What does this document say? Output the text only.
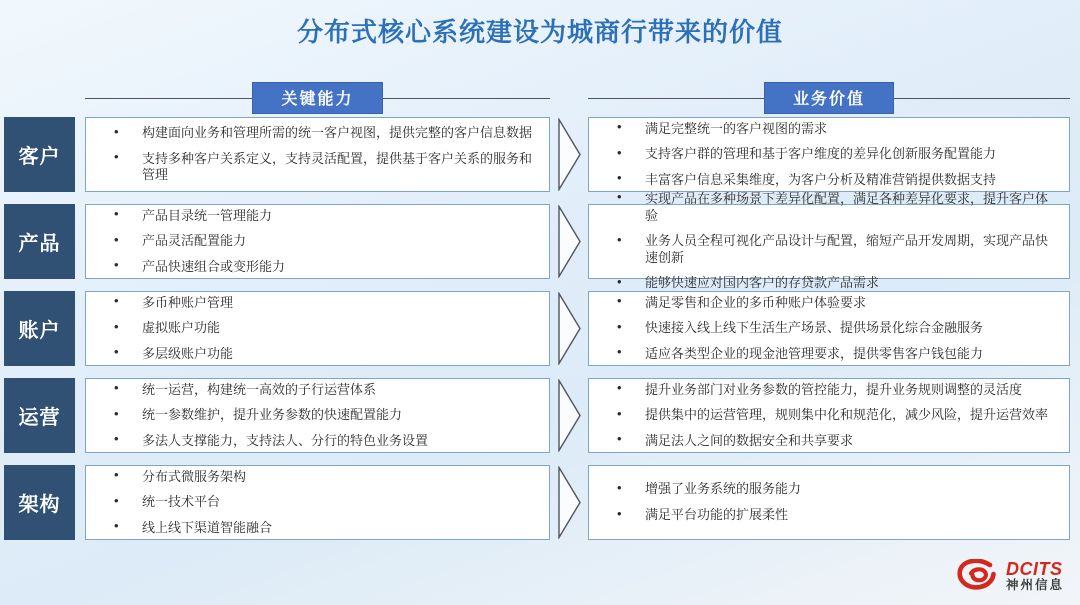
分布式核心系统建设为城商行带来的价值
关键能力	业务价值
客户
• 构建面向业务和管理所需的统一客户视图，提供完整的客户信息数据
• 支持多种客户关系定义，支持灵活配置，提供基于客户关系的服务和管理
• 满足完整统一的客户视图的需求
• 支持客户群的管理和基于客户维度的差异化创新服务配置能力
• 丰富客户信息采集维度，为客户分析及精准营销提供数据支持
产品
• 产品目录统一管理能力
• 产品灵活配置能力
• 产品快速组合或变形能力
• 实现产品在多种场景下差异化配置，满足各种差异化要求，提升客户体验
• 业务人员全程可视化产品设计与配置，缩短产品开发周期，实现产品快速创新
• 能够快速应对国内客户的存贷款产品需求
账户
• 多币种账户管理
• 虚拟账户功能
• 多层级账户功能
• 满足零售和企业的多币种账户体验要求
• 快速接入线上线下生活生产场景、提供场景化综合金融服务
• 适应各类型企业的现金池管理要求，提供零售客户钱包能力
运营
• 统一运营，构建统一高效的子行运营体系
• 统一参数维护，提升业务参数的快速配置能力
• 多法人支撑能力，支持法人、分行的特色业务设置
• 提升业务部门对业务参数的管控能力，提升业务规则调整的灵活度
• 提供集中的运营管理，规则集中化和规范化，减少风险，提升运营效率
• 满足法人之间的数据安全和共享要求
架构
• 分布式微服务架构
• 统一技术平台
• 线上线下渠道智能融合
• 增强了业务系统的服务能力
• 满足平台功能的扩展柔性
DCITS
神州信息
